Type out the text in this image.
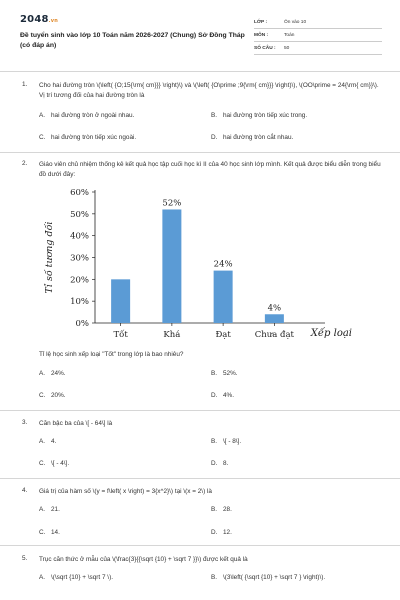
2048.vn
Đề tuyển sinh vào lớp 10 Toán năm 2026-2027 (Chung) Sở Đồng Tháp (có đáp án)
LỚP :	Ôn vào 10
MÔN :	Toán
SỐ CÂU :	50
1. Cho hai đường tròn \(\left( {O;15{\rm{ cm}}} \right)\) và \(\left( {O\prime ;9{\rm{ cm}}} \right)\), \(OO\prime = 24{\rm{ cm}}\). Vị trí tương đối của hai đường tròn là
A. hai đường tròn ở ngoài nhau.	B. hai đường tròn tiếp xúc trong.
C. hai đường tròn tiếp xúc ngoài.	D. hai đường tròn cắt nhau.
2. Giáo viên chủ nhiệm thống kê kết quả học tập cuối học kì II của 40 học sinh lớp mình. Kết quả được biểu diễn trong biểu đồ dưới đây:
Tỉ lệ học sinh xếp loại "Tốt" trong lớp là bao nhiêu?
A. 24%.	B. 52%.
C. 20%.	D. 4%.
0%
10%
20%
30%
40%
50%
60%
Tỉ số tương đối
Tốt	Khá
52%
Đạt
24%
Chưa đạt
4%
Xếp loại
3. Căn bậc ba của \[ - 64\] là
A. 4.	B. \[ - 8\].
C. \[ - 4\].	D. 8.
4. Giá trị của hàm số \(y = f\left( x \right) = 3{x^2}\) tại \(x = 2\) là
A. 21.	B. 28.
C. 14.	D. 12.
5. Trục căn thức ở mẫu của \(\frac{3}{{\sqrt {10} + \sqrt 7 }}\) được kết quả là
A. \(\sqrt {10} + \sqrt 7 \).	B. \(3\left( {\sqrt {10} + \sqrt 7 } \right)\).
